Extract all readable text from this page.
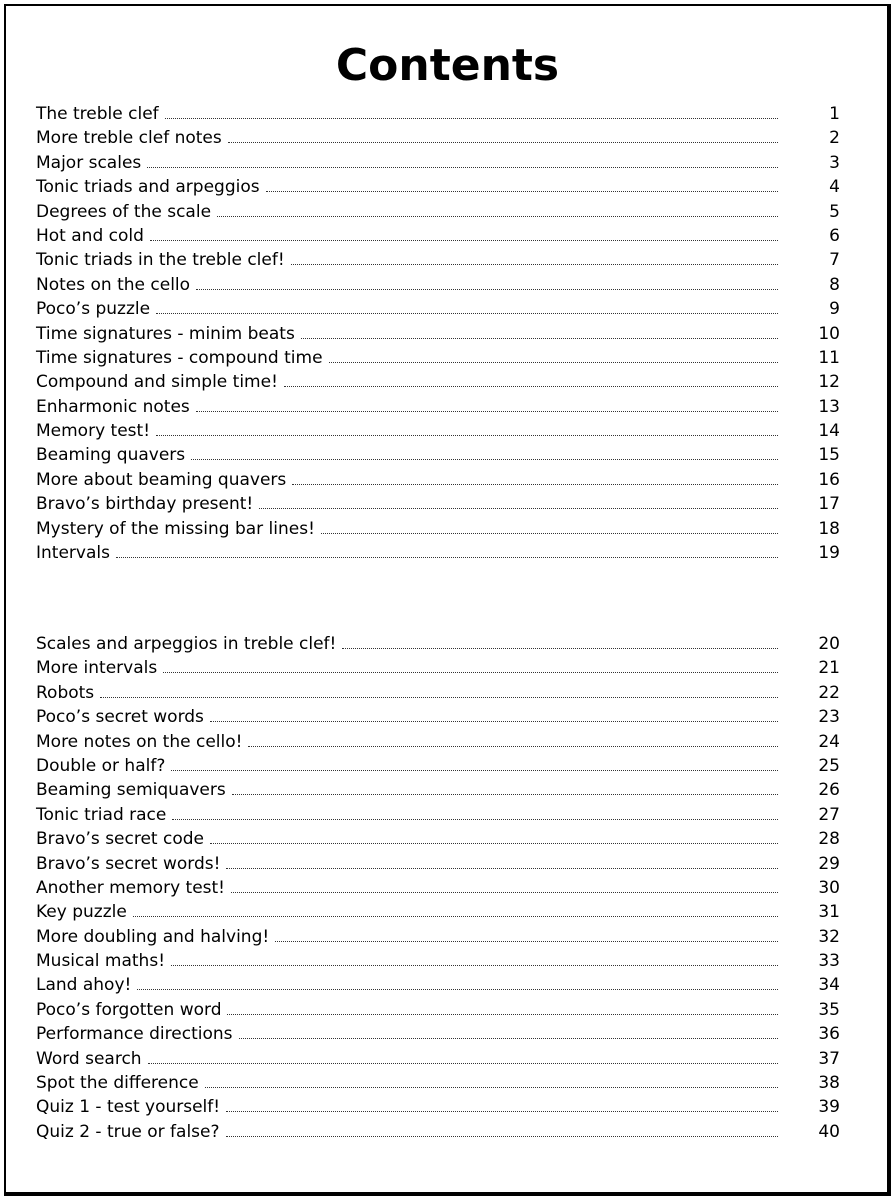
Contents
The treble clef	1
More treble clef notes	2
Major scales	3
Tonic triads and arpeggios	4
Degrees of the scale	5
Hot and cold	6
Tonic triads in the treble clef!	7
Notes on the cello	8
Poco’s puzzle	9
Time signatures - minim beats	10
Time signatures - compound time	11
Compound and simple time!	12
Enharmonic notes	13
Memory test!	14
Beaming quavers	15
More about beaming quavers	16
Bravo’s birthday present!	17
Mystery of the missing bar lines!	18
Intervals	19
Scales and arpeggios in treble clef!	20
More intervals	21
Robots	22
Poco’s secret words	23
More notes on the cello!	24
Double or half?	25
Beaming semiquavers	26
Tonic triad race	27
Bravo’s secret code	28
Bravo’s secret words!	29
Another memory test!	30
Key puzzle	31
More doubling and halving!	32
Musical maths!	33
Land ahoy!	34
Poco’s forgotten word	35
Performance directions	36
Word search	37
Spot the difference	38
Quiz 1 - test yourself!	39
Quiz 2 - true or false?	40
